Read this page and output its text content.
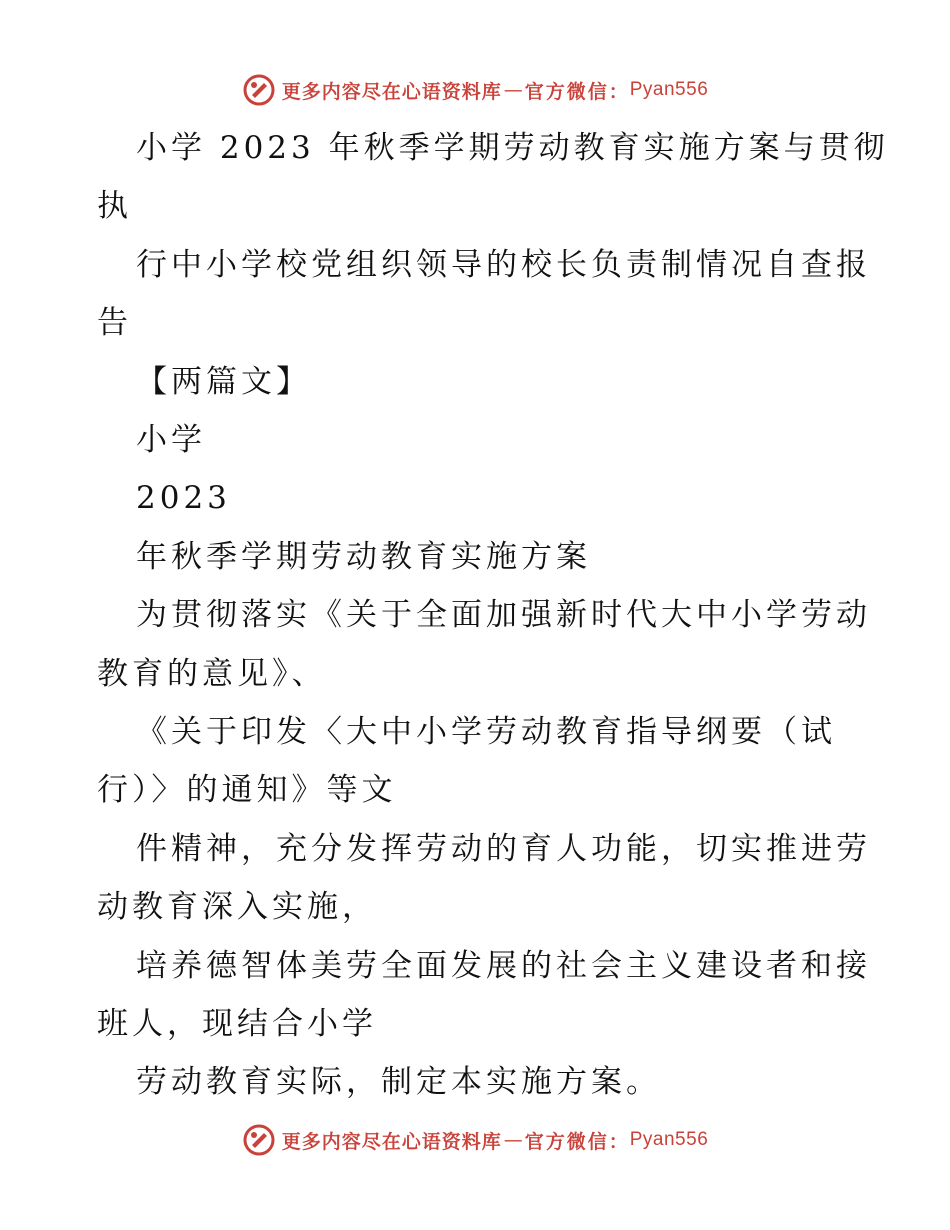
更多内容尽在心语资料库 — 官方微信： Pyan556
小学 2023 年秋季学期劳动教育实施方案与贯彻
执
行中小学校党组织领导的校长负责制情况自查报
告
【两篇文】
小学
2023
年秋季学期劳动教育实施方案
为贯彻落实《关于全面加强新时代大中小学劳动
教育的意见》、
《关于印发〈大中小学劳动教育指导纲要（试
行）〉的通知》等文
件精神，充分发挥劳动的育人功能，切实推进劳
动教育深入实施，
培养德智体美劳全面发展的社会主义建设者和接
班人，现结合小学
劳动教育实际，制定本实施方案。
更多内容尽在心语资料库 — 官方微信： Pyan556
